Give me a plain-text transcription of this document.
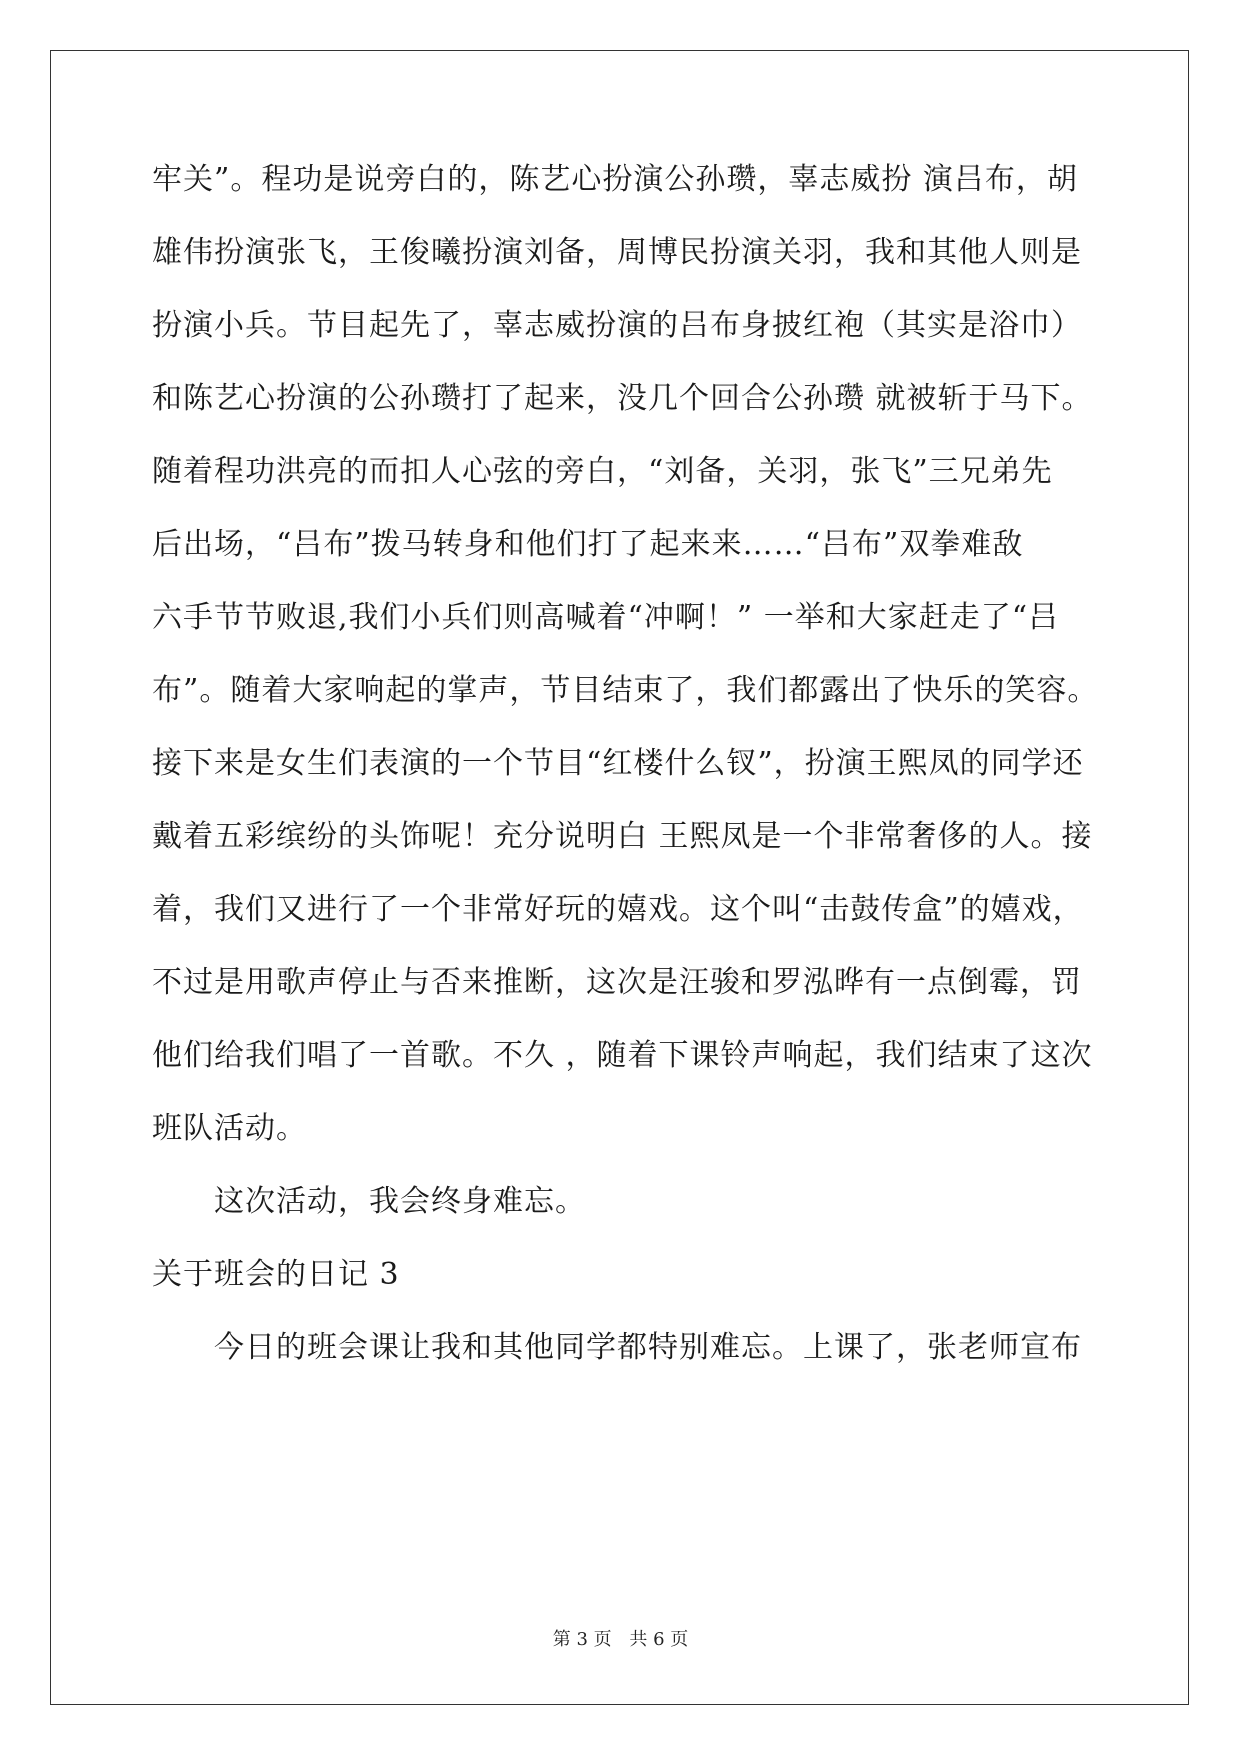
牢关”。程功是说旁白的，陈艺心扮演公孙瓒，辜志威扮 演吕布，胡
雄伟扮演张飞，王俊曦扮演刘备，周博民扮演关羽，我和其他人则是
扮演小兵。节目起先了，辜志威扮演的吕布身披红袍（其实是浴巾）
和陈艺心扮演的公孙瓒打了起来，没几个回合公孙瓒 就被斩于马下。
随着程功洪亮的而扣人心弦的旁白，“刘备，关羽，张飞”三兄弟先
后出场，“吕布”拨马转身和他们打了起来来……“吕布”双拳难敌
六手节节败退,我们小兵们则高喊着“冲啊！” 一举和大家赶走了“吕
布”。随着大家响起的掌声，节目结束了，我们都露出了快乐的笑容。
接下来是女生们表演的一个节目“红楼什么钗”，扮演王熙凤的同学还
戴着五彩缤纷的头饰呢！充分说明白 王熙凤是一个非常奢侈的人。接
着，我们又进行了一个非常好玩的嬉戏。这个叫“击鼓传盒”的嬉戏，
不过是用歌声停止与否来推断，这次是汪骏和罗泓晔有一点倒霉，罚
他们给我们唱了一首歌。不久 ，随着下课铃声响起，我们结束了这次
班队活动。
这次活动，我会终身难忘。
关于班会的日记 3
今日的班会课让我和其他同学都特别难忘。上课了，张老师宣布
第 3 页 共 6 页
